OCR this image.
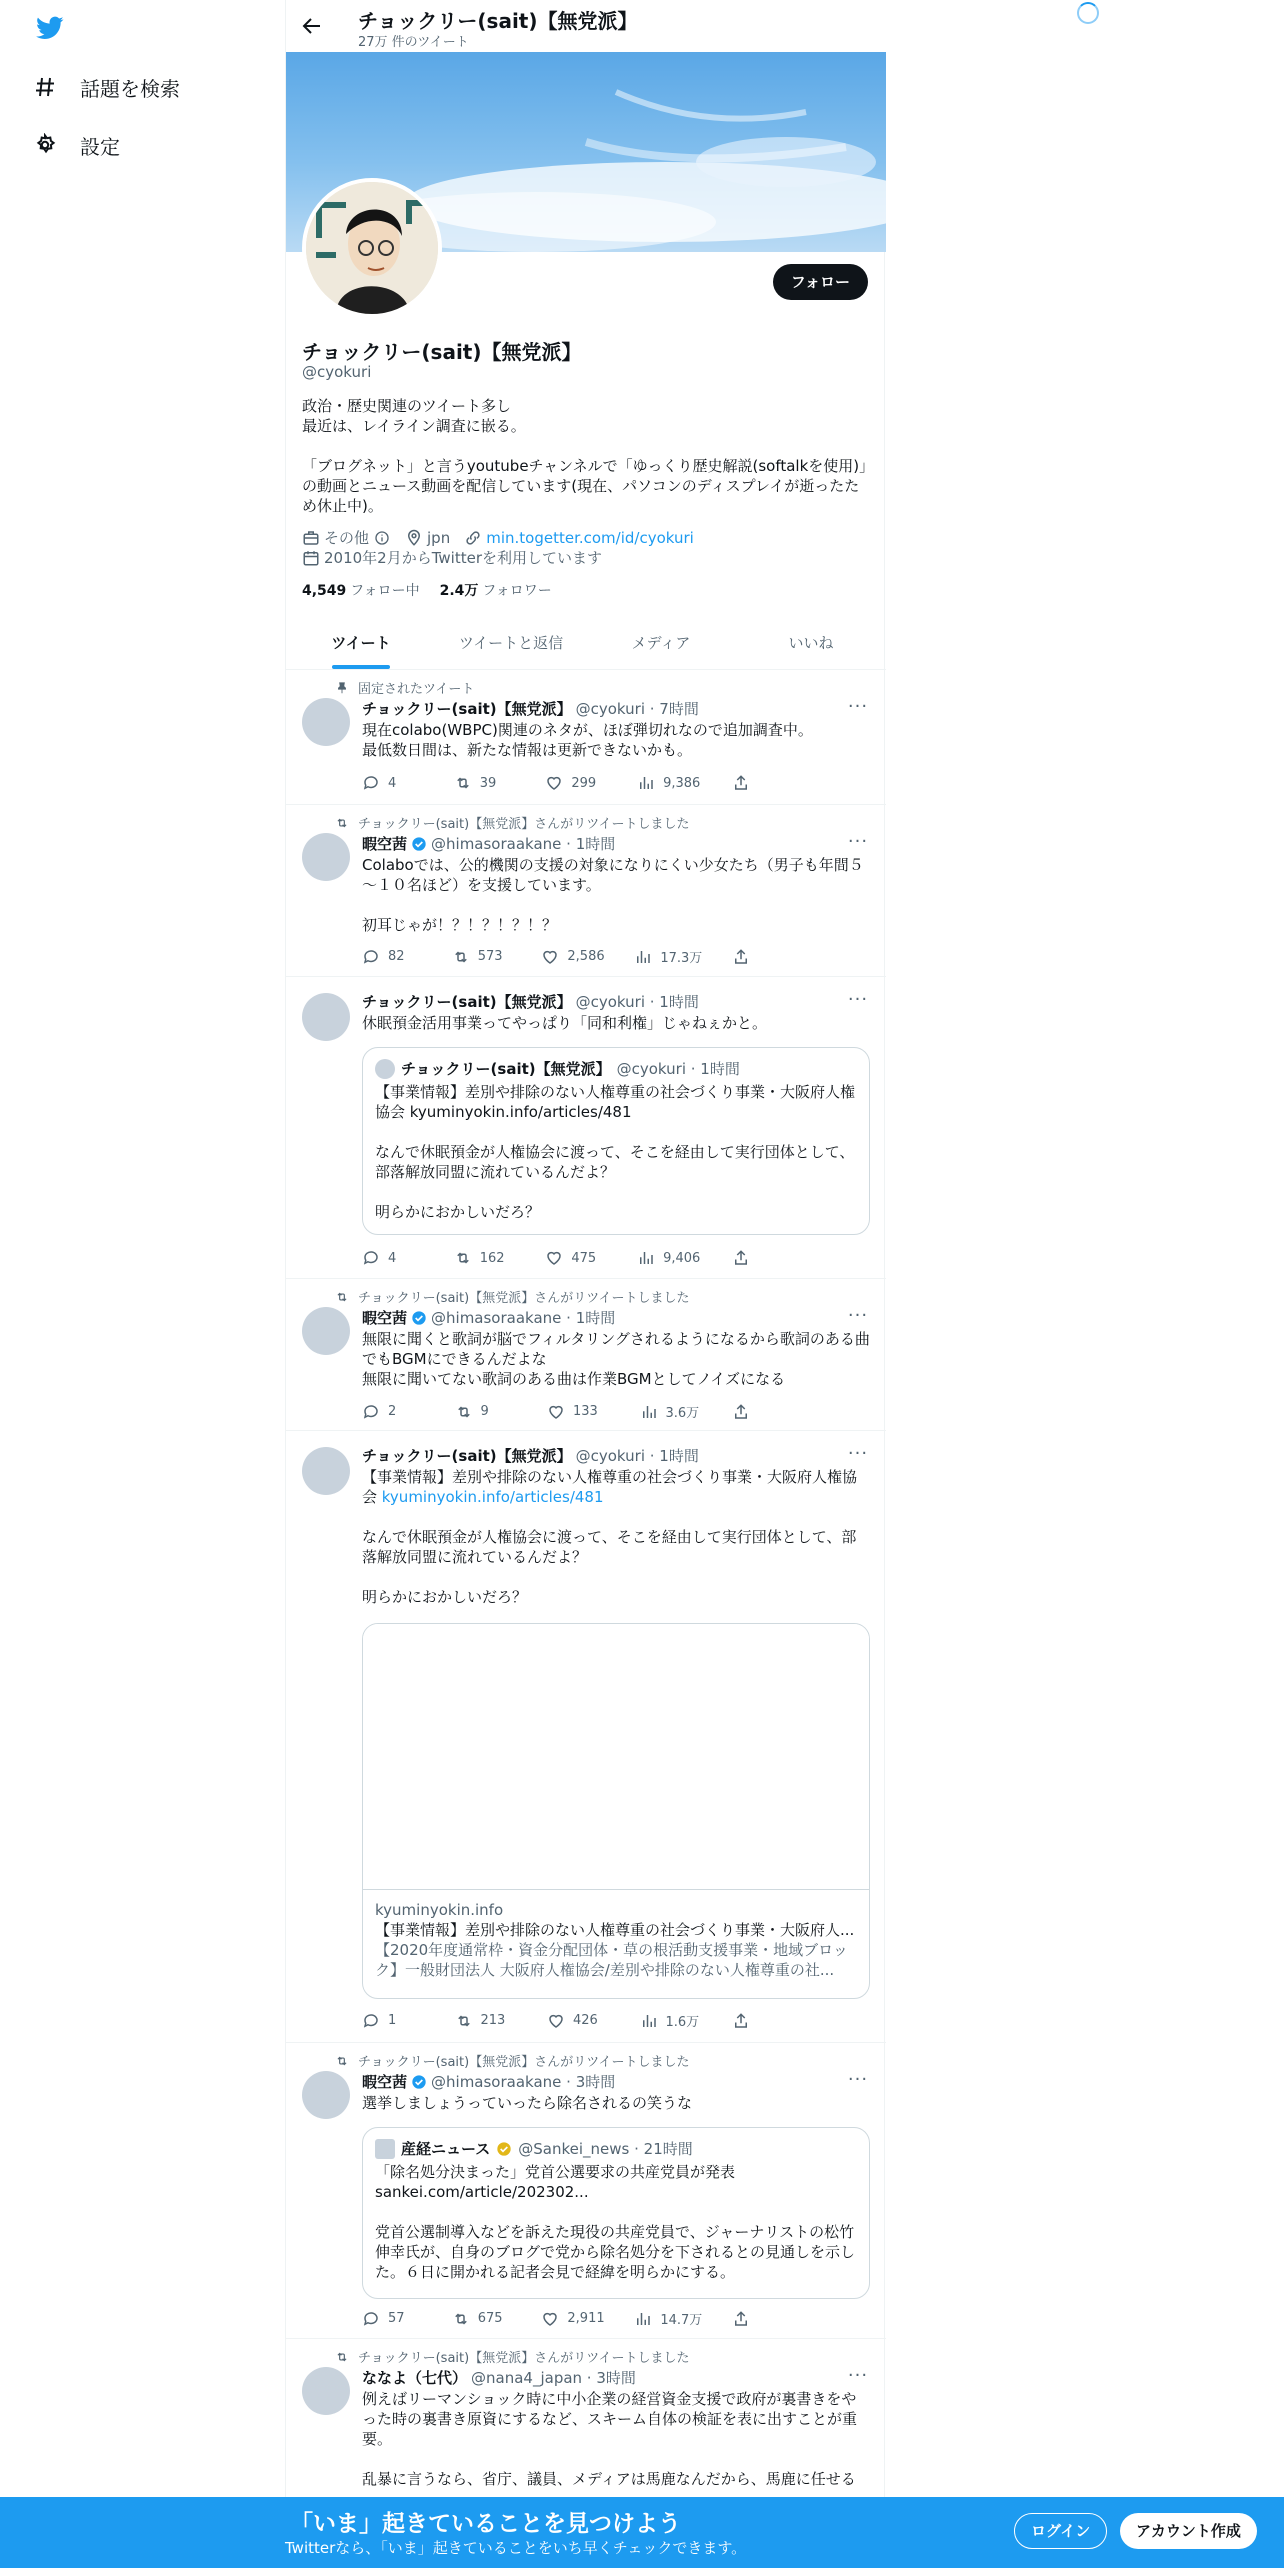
話題を検索
設定
チョックリー(sait)【無党派】
27万 件のツイート
フォロー
チョックリー(sait)【無党派】
@cyokuri

政治・歴史関連のツイート多し

最近は、レイライン調査に嵌る。

「ブログネット」と言うyoutubeチャンネルで「ゆっくり歴史解説(softalkを使用)」の動画とニュース動画を配信しています(現在、パソコンのディスプレイが逝ったため休止中)。

その他	jpn min.togetter.com/id/cyokuri
2010年2月からTwitterを利用しています
4,549 フォロー中 2.4万 フォロワー
ツイート	ツイートと返信	メディア	いいね
固定されたツイート
チョックリー(sait)【無党派】 @cyokuri · 7時間	···

現在colabo(WBPC)関連のネタが、ほぼ弾切れなので追加調査中。

最低数日間は、新たな情報は更新できないかも。

4	39	299	9,386
チョックリー(sait)【無党派】さんがリツイートしました
暇空茜 @himasoraakane · 1時間	···

Colaboでは、公的機関の支援の対象になりにくい少女たち（男子も年間５～１０名ほど）を支援しています。

初耳じゃが！？！？！？！？

82	573	2,586	17.3万
チョックリー(sait)【無党派】 @cyokuri · 1時間	···

休眠預金活用事業ってやっぱり「同和利権」じゃねぇかと。

チョックリー(sait)【無党派】 @cyokuri · 1時間

【事業情報】差別や排除のない人権尊重の社会づくり事業・大阪府人権協会 kyuminyokin.info/articles/481

なんで休眠預金が人権協会に渡って、そこを経由して実行団体として、部落解放同盟に流れているんだよ？

明らかにおかしいだろ？

4	162	475	9,406
チョックリー(sait)【無党派】さんがリツイートしました
暇空茜 @himasoraakane · 1時間	···

無限に聞くと歌詞が脳でフィルタリングされるようになるから歌詞のある曲でもBGMにできるんだよな

無限に聞いてない歌詞のある曲は作業BGMとしてノイズになる

2	9	133	3.6万
チョックリー(sait)【無党派】 @cyokuri · 1時間	···

【事業情報】差別や排除のない人権尊重の社会づくり事業・大阪府人権協会 kyuminyokin.info/articles/481

なんで休眠預金が人権協会に渡って、そこを経由して実行団体として、部落解放同盟に流れているんだよ？

明らかにおかしいだろ？

kyuminyokin.info
【事業情報】差別や排除のない人権尊重の社会づくり事業・大阪府人...
【2020年度通常枠・資金分配団体・草の根活動支援事業・地域ブロック】一般財団法人 大阪府人権協会/差別や排除のない人権尊重の社...
1	213	426	1.6万
チョックリー(sait)【無党派】さんがリツイートしました
暇空茜 @himasoraakane · 3時間	···

選挙しましょうっていったら除名されるの笑うな

産経ニュース @Sankei_news · 21時間

「除名処分決まった」党首公選要求の共産党員が発表 sankei.com/article/202302...

党首公選制導入などを訴えた現役の共産党員で、ジャーナリストの松竹伸幸氏が、自身のブログで党から除名処分を下されるとの見通しを示した。６日に開かれる記者会見で経緯を明らかにする。

57	675	2,911	14.7万
チョックリー(sait)【無党派】さんがリツイートしました
ななよ（七代） @nana4_japan · 3時間	···

例えばリーマンショック時に中小企業の経営資金支援で政府が裏書きをやった時の裏書き原資にするなど、スキーム自体の検証を表に出すことが重要。

乱暴に言うなら、省庁、議員、メディアは馬鹿なんだから、馬鹿に任せる

「いま」起きていることを見つけよう
Twitterなら、「いま」起きていることをいち早くチェックできます。
ログイン	アカウント作成
